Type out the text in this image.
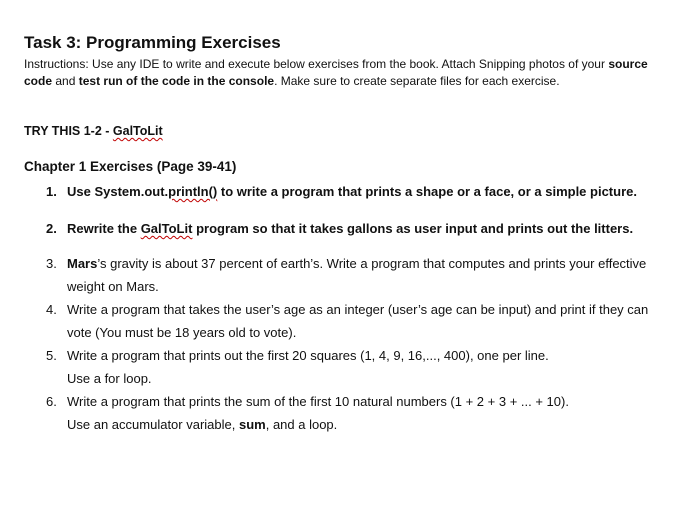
Task 3: Programming Exercises
Instructions: Use any IDE to write and execute below exercises from the book. Attach Snipping photos of your source code and test run of the code in the console. Make sure to create separate files for each exercise.
TRY THIS 1-2 - GalToLit
Chapter 1 Exercises (Page 39-41)
1. Use System.out.println() to write a program that prints a shape or a face, or a simple picture.
2. Rewrite the GalToLit program so that it takes gallons as user input and prints out the litters.
3. Mars’s gravity is about 37 percent of earth’s. Write a program that computes and prints your effective
weight on Mars.
4. Write a program that takes the user’s age as an integer (user’s age can be input) and print if they can
vote (You must be 18 years old to vote).
5. Write a program that prints out the first 20 squares (1, 4, 9, 16,..., 400), one per line.
Use a for loop.
6. Write a program that prints the sum of the first 10 natural numbers (1 + 2 + 3 + ... + 10).
Use an accumulator variable, sum, and a loop.
